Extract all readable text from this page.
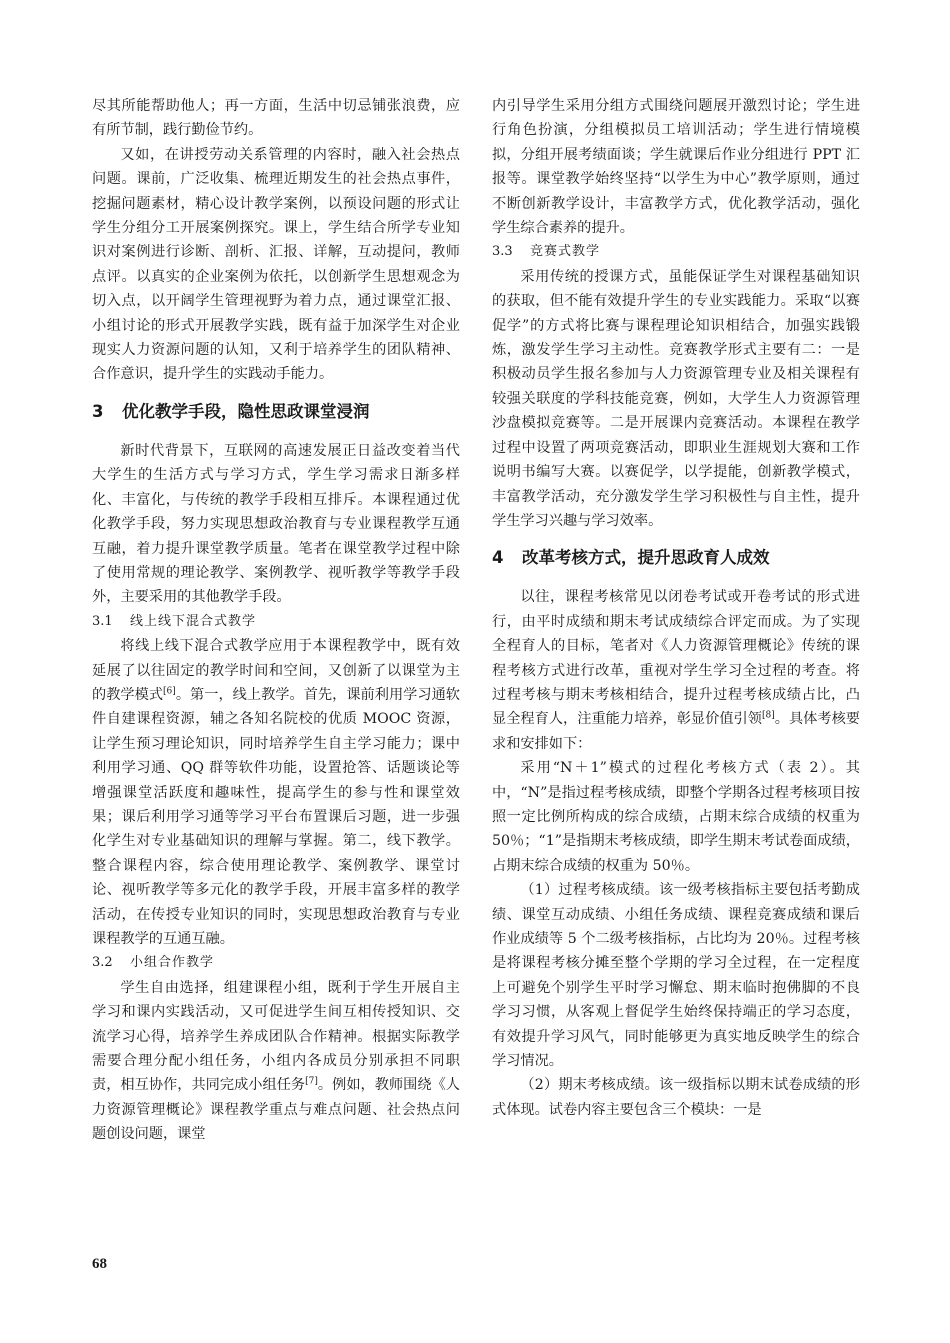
尽其所能帮助他人；再一方面，生活中切忌铺张浪费，应有所节制，践行勤俭节约。

又如，在讲授劳动关系管理的内容时，融入社会热点问题。课前，广泛收集、梳理近期发生的社会热点事件，挖掘问题素材，精心设计教学案例，以预设问题的形式让学生分组分工开展案例探究。课上，学生结合所学专业知识对案例进行诊断、剖析、汇报、详解，互动提问，教师点评。以真实的企业案例为依托，以创新学生思想观念为切入点，以开阔学生管理视野为着力点，通过课堂汇报、小组讨论的形式开展教学实践，既有益于加深学生对企业现实人力资源问题的认知，又利于培养学生的团队精神、合作意识，提升学生的实践动手能力。

3 优化教学手段，隐性思政课堂浸润

新时代背景下，互联网的高速发展正日益改变着当代大学生的生活方式与学习方式，学生学习需求日渐多样化、丰富化，与传统的教学手段相互排斥。本课程通过优化教学手段，努力实现思想政治教育与专业课程教学互通互融，着力提升课堂教学质量。笔者在课堂教学过程中除了使用常规的理论教学、案例教学、视听教学等教学手段外，主要采用的其他教学手段。

3.1 线上线下混合式教学

将线上线下混合式教学应用于本课程教学中，既有效延展了以往固定的教学时间和空间，又创新了以课堂为主的教学模式[6]。第一，线上教学。首先，课前利用学习通软件自建课程资源，辅之各知名院校的优质 MOOC 资源，让学生预习理论知识，同时培养学生自主学习能力；课中利用学习通、QQ 群等软件功能，设置抢答、话题谈论等增强课堂活跃度和趣味性，提高学生的参与性和课堂效果；课后利用学习通等学习平台布置课后习题，进一步强化学生对专业基础知识的理解与掌握。第二，线下教学。整合课程内容，综合使用理论教学、案例教学、课堂讨论、视听教学等多元化的教学手段，开展丰富多样的教学活动，在传授专业知识的同时，实现思想政治教育与专业课程教学的互通互融。

3.2 小组合作教学

学生自由选择，组建课程小组，既利于学生开展自主学习和课内实践活动，又可促进学生间互相传授知识、交流学习心得，培养学生养成团队合作精神。根据实际教学需要合理分配小组任务，小组内各成员分别承担不同职责，相互协作，共同完成小组任务[7]。例如，教师围绕《人力资源管理概论》课程教学重点与难点问题、社会热点问题创设问题，课堂

内引导学生采用分组方式围绕问题展开激烈讨论；学生进行角色扮演，分组模拟员工培训活动；学生进行情境模拟，分组开展考绩面谈；学生就课后作业分组进行 PPT 汇报等。课堂教学始终坚持“以学生为中心”教学原则，通过不断创新教学设计，丰富教学方式，优化教学活动，强化学生综合素养的提升。

3.3 竞赛式教学

采用传统的授课方式，虽能保证学生对课程基础知识的获取，但不能有效提升学生的专业实践能力。采取“以赛促学”的方式将比赛与课程理论知识相结合，加强实践锻炼，激发学生学习主动性。竞赛教学形式主要有二：一是积极动员学生报名参加与人力资源管理专业及相关课程有较强关联度的学科技能竞赛，例如，大学生人力资源管理沙盘模拟竞赛等。二是开展课内竞赛活动。本课程在教学过程中设置了两项竞赛活动，即职业生涯规划大赛和工作说明书编写大赛。以赛促学，以学提能，创新教学模式，丰富教学活动，充分激发学生学习积极性与自主性，提升学生学习兴趣与学习效率。

4 改革考核方式，提升思政育人成效

以往，课程考核常见以闭卷考试或开卷考试的形式进行，由平时成绩和期末考试成绩综合评定而成。为了实现全程育人的目标，笔者对《人力资源管理概论》传统的课程考核方式进行改革，重视对学生学习全过程的考查。将过程考核与期末考核相结合，提升过程考核成绩占比，凸显全程育人，注重能力培养，彰显价值引领[8]。具体考核要求和安排如下：

采用“N＋1”模式的过程化考核方式（表 2）。其中，“N”是指过程考核成绩，即整个学期各过程考核项目按照一定比例所构成的综合成绩，占期末综合成绩的权重为 50％；“1”是指期末考核成绩，即学生期末考试卷面成绩，占期末综合成绩的权重为 50％。

（1）过程考核成绩。该一级考核指标主要包括考勤成绩、课堂互动成绩、小组任务成绩、课程竞赛成绩和课后作业成绩等 5 个二级考核指标，占比均为 20％。过程考核是将课程考核分摊至整个学期的学习全过程，在一定程度上可避免个别学生平时学习懈怠、期末临时抱佛脚的不良学习习惯，从客观上督促学生始终保持端正的学习态度，有效提升学习风气，同时能够更为真实地反映学生的综合学习情况。

（2）期末考核成绩。该一级指标以期末试卷成绩的形式体现。试卷内容主要包含三个模块：一是

68
